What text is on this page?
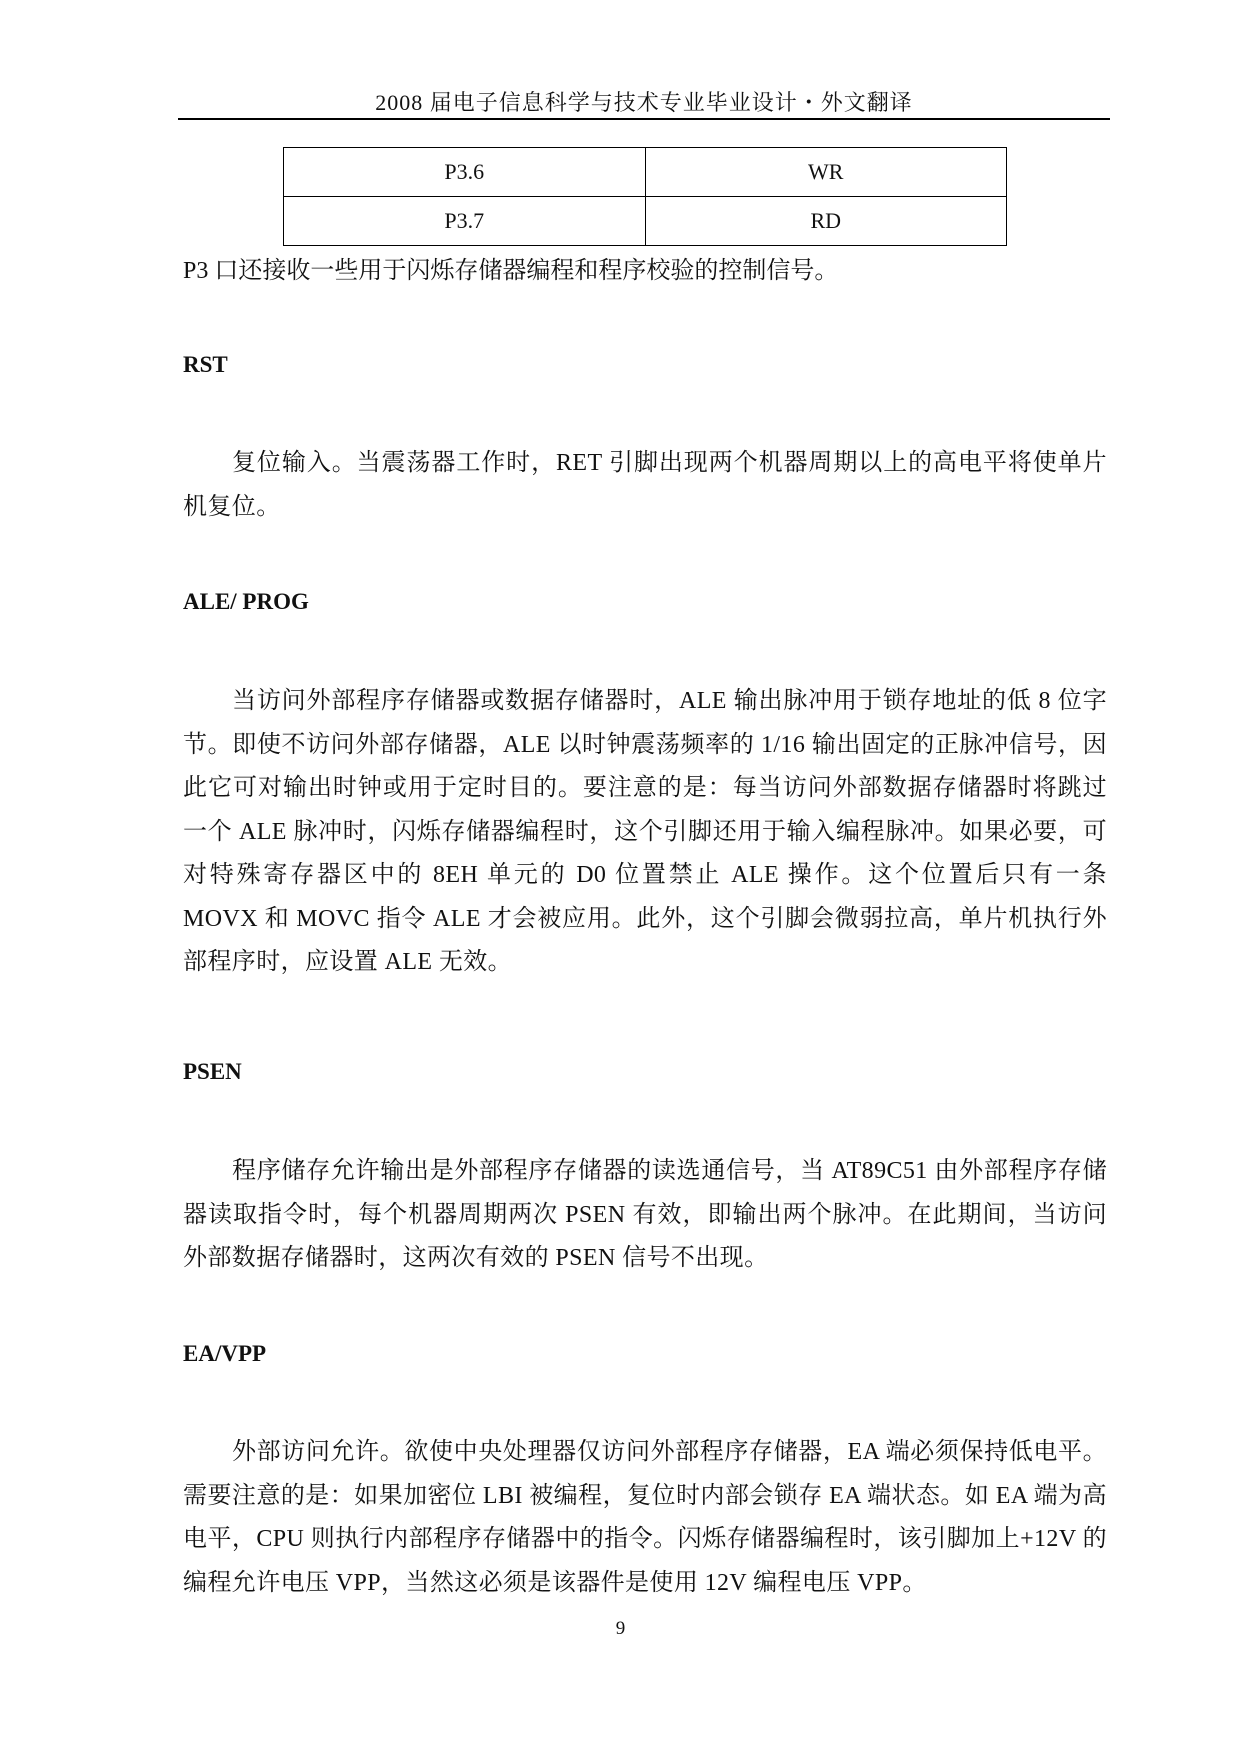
2008 届电子信息科学与技术专业毕业设计・外文翻译
P3.6	WR
P3.7	RD

P3 口还接收一些用于闪烁存储器编程和程序校验的控制信号。

RST

复位输入。当震荡器工作时，RET 引脚出现两个机器周期以上的高电平将使单片机复位。

ALE/ PROG

当访问外部程序存储器或数据存储器时，ALE 输出脉冲用于锁存地址的低 8 位字节。即使不访问外部存储器，ALE 以时钟震荡频率的 1/16 输出固定的正脉冲信号，因此它可对输出时钟或用于定时目的。要注意的是：每当访问外部数据存储器时将跳过一个 ALE 脉冲时，闪烁存储器编程时，这个引脚还用于输入编程脉冲。如果必要，可对特殊寄存器区中的 8EH 单元的 D0 位置禁止 ALE 操作。这个位置后只有一条 MOVX 和 MOVC 指令 ALE 才会被应用。此外，这个引脚会微弱拉高，单片机执行外部程序时，应设置 ALE 无效。

PSEN

程序储存允许输出是外部程序存储器的读选通信号，当 AT89C51 由外部程序存储器读取指令时，每个机器周期两次 PSEN 有效，即输出两个脉冲。在此期间，当访问外部数据存储器时，这两次有效的 PSEN 信号不出现。

EA/VPP

外部访问允许。欲使中央处理器仅访问外部程序存储器，EA 端必须保持低电平。需要注意的是：如果加密位 LBI 被编程，复位时内部会锁存 EA 端状态。如 EA 端为高电平，CPU 则执行内部程序存储器中的指令。闪烁存储器编程时，该引脚加上+12V 的编程允许电压 VPP，当然这必须是该器件是使用 12V 编程电压 VPP。

9
